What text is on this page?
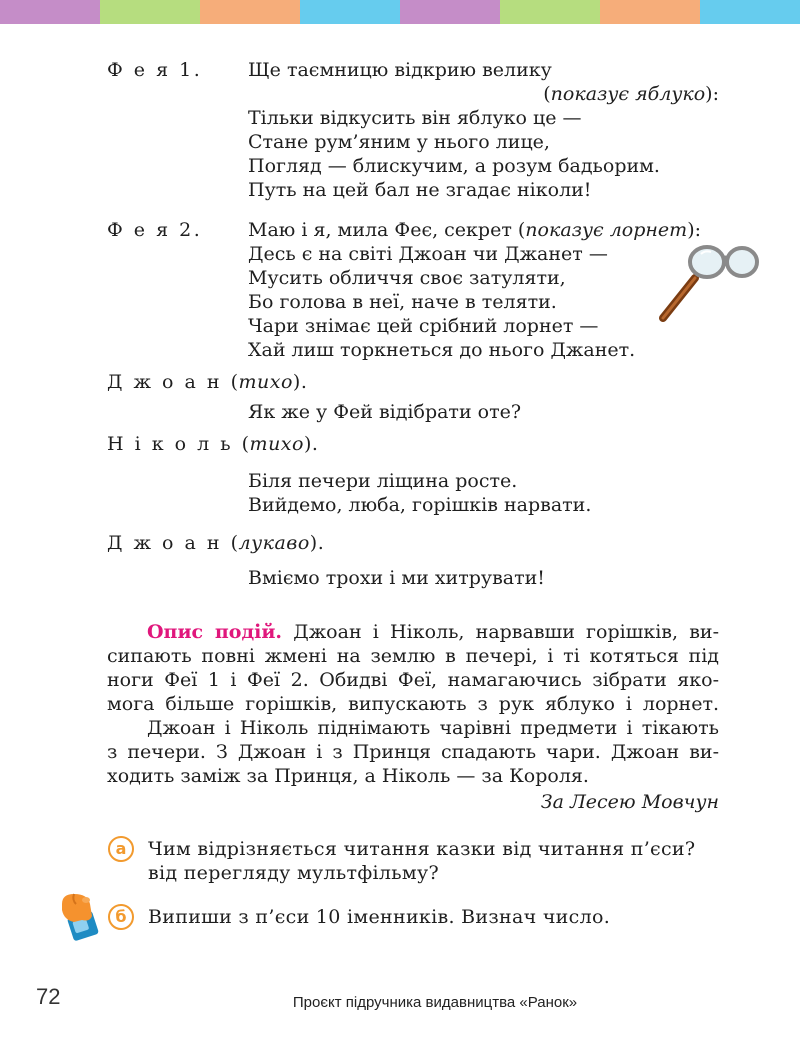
Ф е я 1. Ще таємницю відкрию велику
(показує яблуко):
Тільки відкусить він яблуко це —
Стане рум’яним у нього лице,
Погляд — блискучим, а розум бадьорим.
Путь на цей бал не згадає ніколи!
Ф е я 2. Маю і я, мила Феє, секрет (показує лорнет):
Десь є на світі Джоан чи Джанет —
Мусить обличчя своє затуляти,
Бо голова в неї, наче в теляти.
Чари знімає цей срібний лорнет —
Хай лиш торкнеться до нього Джанет.
Д ж о а н (тихо).
Як же у Фей відібрати оте?
Н і к о л ь (тихо).
Біля печери ліщина росте.
Вийдемо, люба, горішків нарвати.
Д ж о а н (лукаво).
Вміємо трохи і ми хитрувати!
Опис подій. Джоан і Ніколь, нарвавши горішків, ви-
сипають повні жмені на землю в печері, і ті котяться під
ноги Феї 1 і Феї 2. Обидві Феї, намагаючись зібрати яко-
мога більше горішків, випускають з рук яблуко і лорнет.
Джоан і Ніколь піднімають чарівні предмети і тікають
з печери. З Джоан і з Принця спадають чари. Джоан ви-
ходить заміж за Принця, а Ніколь — за Короля.
За Лесею Мовчун
а	Чим відрізняється читання казки від читання п’єси?
від перегляду мультфільму?
б	Випиши з п’єси 10 іменників. Визнач число.
72	Проєкт підручника видавництва «Ранок»
